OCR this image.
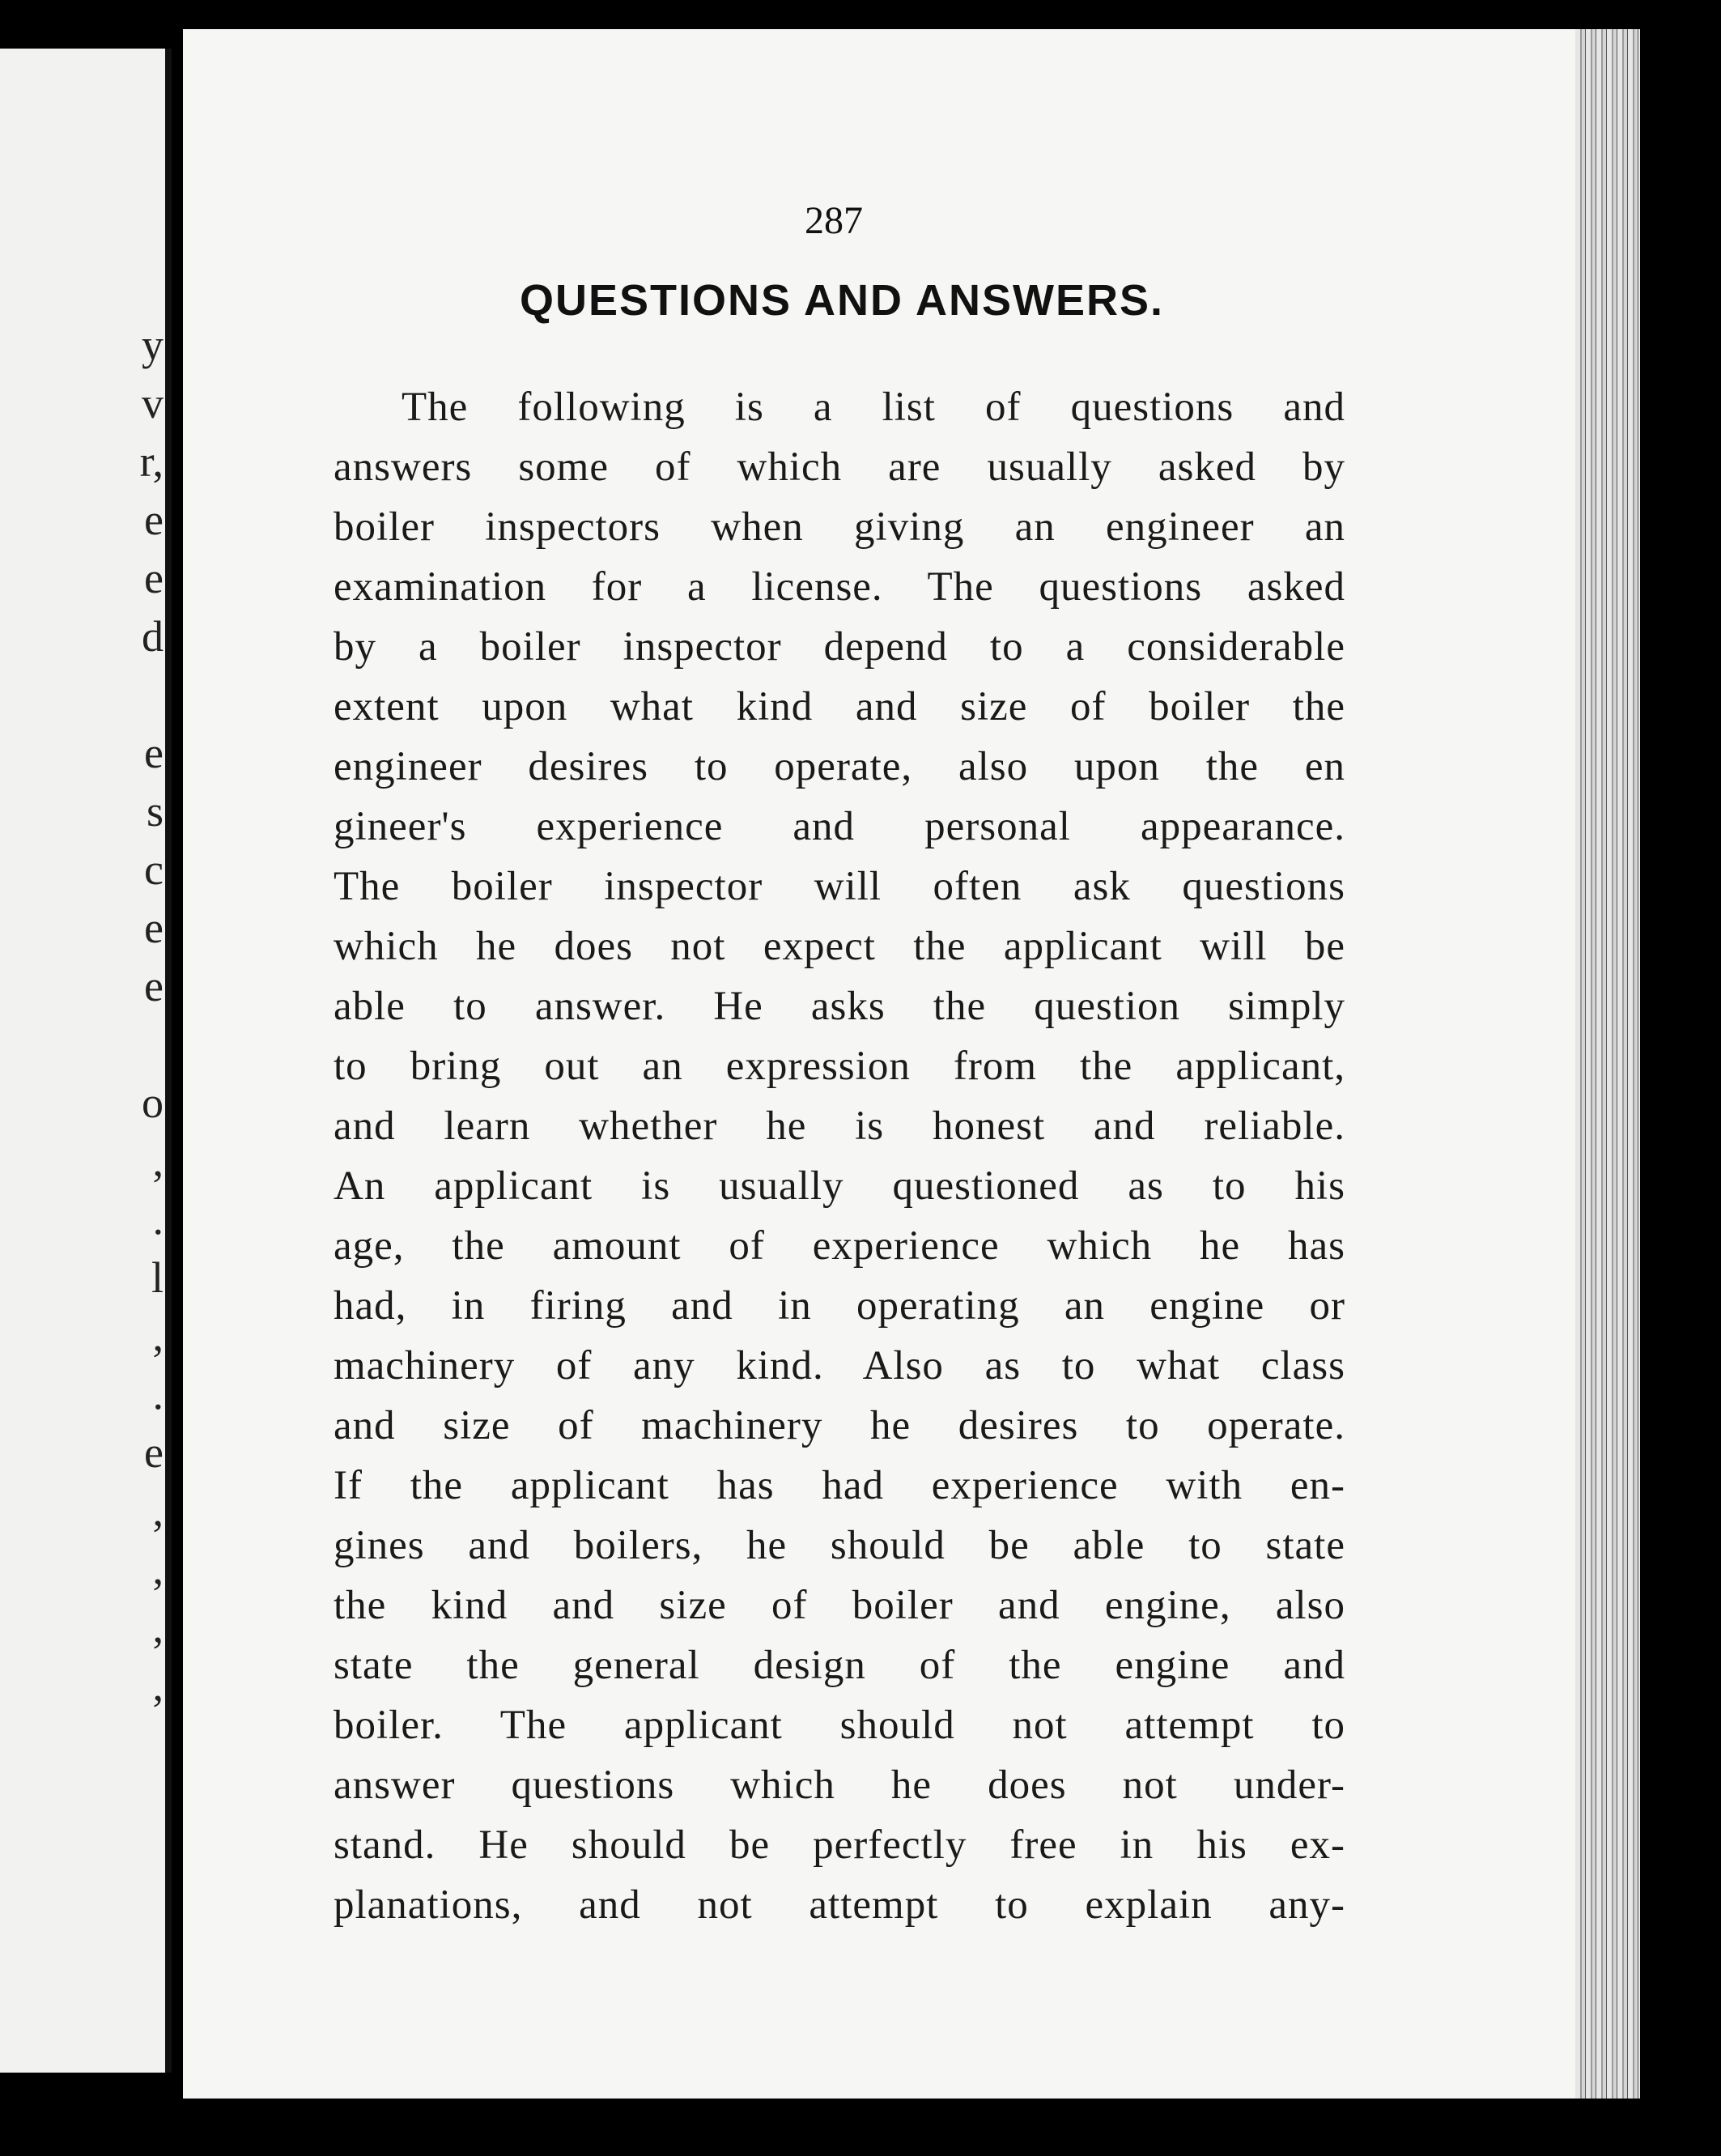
y
v
r,
e
e
d
e
s
c
e
e
o
,
.
l
,
.
e
,
,
,
,
287
QUESTIONS AND ANSWERS.
The following is a list of questions and
answers some of which are usually asked by
boiler inspectors when giving an engineer an
examination for a license. The questions asked
by a boiler inspector depend to a considerable
extent upon what kind and size of boiler the
engineer desires to operate, also upon the en
gineer's experience and personal appearance.
The boiler inspector will often ask questions
which he does not expect the applicant will be
able to answer. He asks the question simply
to bring out an expression from the applicant,
and learn whether he is honest and reliable.
An applicant is usually questioned as to his
age, the amount of experience which he has
had, in firing and in operating an engine or
machinery of any kind. Also as to what class
and size of machinery he desires to operate.
If the applicant has had experience with en-
gines and boilers, he should be able to state
the kind and size of boiler and engine, also
state the general design of the engine and
boiler. The applicant should not attempt to
answer questions which he does not under-
stand. He should be perfectly free in his ex-
planations, and not attempt to explain any-
